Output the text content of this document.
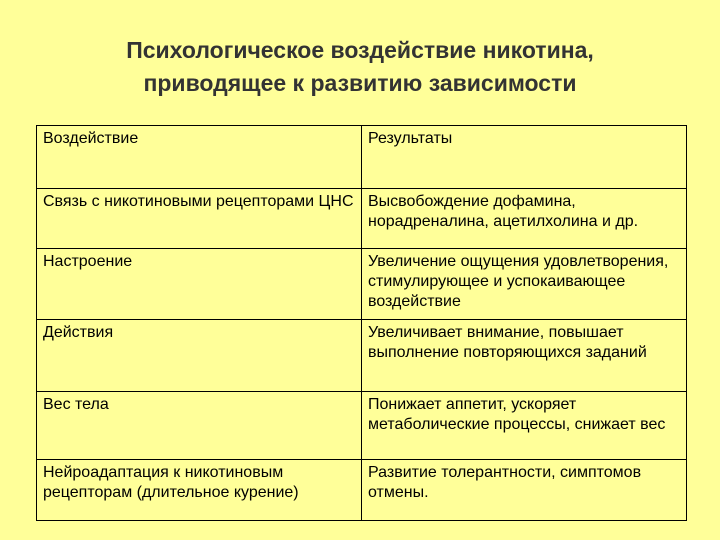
Психологическое воздействие никотина,
приводящее к развитию зависимости
Воздействие	Результаты
Связь с никотиновыми рецепторами ЦНС	Высвобождение дофамина, норадреналина, ацетилхолина и др.
Настроение	Увеличение ощущения удовлетворения, стимулирующее и успокаивающее воздействие
Действия	Увеличивает внимание, повышает выполнение повторяющихся заданий
Вес тела	Понижает аппетит, ускоряет метаболические процессы, снижает вес
Нейроадаптация к никотиновым рецепторам (длительное курение)	Развитие толерантности, симптомов отмены.
